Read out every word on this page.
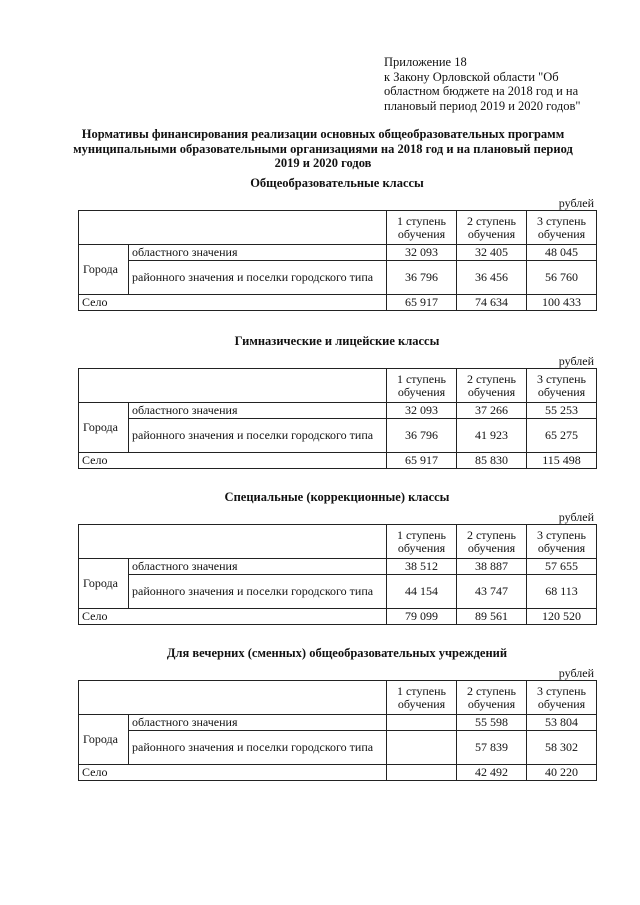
Приложение 18
к Закону Орловской области "Об
областном бюджете на 2018 год и на
плановый период 2019 и 2020 годов"
Нормативы финансирования реализации основных общеобразовательных программ
муниципальными образовательными организациями на 2018 год и на плановый период
2019 и 2020 годов
Общеобразовательные классы
рублей
		1 ступень обучения	2 ступень обучения	3 ступень обучения
Города	областного значения	32 093	32 405	48 045
	районного значения и поселки городского типа	36 796	36 456	56 760
Село		65 917	74 634	100 433
Гимназические и лицейские классы
рублей
		1 ступень обучения	2 ступень обучения	3 ступень обучения
Города	областного значения	32 093	37 266	55 253
	районного значения и поселки городского типа	36 796	41 923	65 275
Село		65 917	85 830	115 498
Специальные (коррекционные) классы
рублей
		1 ступень обучения	2 ступень обучения	3 ступень обучения
Города	областного значения	38 512	38 887	57 655
	районного значения и поселки городского типа	44 154	43 747	68 113
Село		79 099	89 561	120 520
Для вечерних (сменных) общеобразовательных учреждений
рублей
		1 ступень обучения	2 ступень обучения	3 ступень обучения
Города	областного значения		55 598	53 804
	районного значения и поселки городского типа		57 839	58 302
Село			42 492	40 220
